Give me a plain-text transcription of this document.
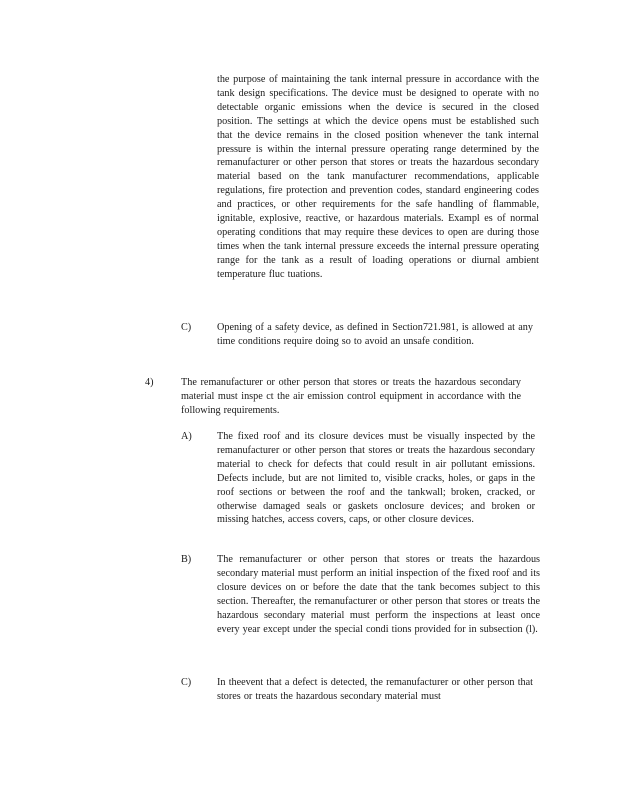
the purpose of maintaining the tank internal pressure in accordance with the tank design specifications. The device must be designed to operate with no detectable organic emissions when the device is secured in the closed position. The settings at which the device opens must be established such that the device remains in the closed position whenever the tank internal pressure is within the internal pressure operating range determined by the remanufacturer or other person that stores or treats the hazardous secondary material based on the tank manufacturer recommendations, applicable regulations, fire protection and prevention codes, standard engineering codes and practices, or other requirements for the safe handling of flammable, ignitable, explosive, reactive, or hazardous materials. Exampl es of normal operating conditions that may require these devices to open are during those times when the tank internal pressure exceeds the internal pressure operating range for the tank as a result of loading operations or diurnal ambient temperature fluc tuations.
C)	Opening of a safety device, as defined in Section721.981, is allowed at any time conditions require doing so to avoid an unsafe condition.
4)	The remanufacturer or other person that stores or treats the hazardous secondary material must inspe ct the air emission control equipment in accordance with the following requirements.
A) The fixed roof and its closure devices must be visually inspected by the remanufacturer or other person that stores or treats the hazardous secondary material to check for defects that could result in air pollutant emissions. Defects include, but are not limited to, visible cracks, holes, or gaps in the roof sections or between the roof and the tankwall; broken, cracked, or otherwise damaged seals or gaskets onclosure devices; and broken or missing hatches, access covers, caps, or other closure devices.
B)	The remanufacturer or other person that stores or treats the hazardous secondary material must perform an initial inspection of the fixed roof and its closure devices on or before the date that the tank becomes subject to this section. Thereafter, the remanufacturer or other person that stores or treats the hazardous secondary material must perform the inspections at least once every year except under the special condi tions provided for in subsection (l).
C)	In theevent that a defect is detected, the remanufacturer or other person that stores or treats the hazardous secondary material must
